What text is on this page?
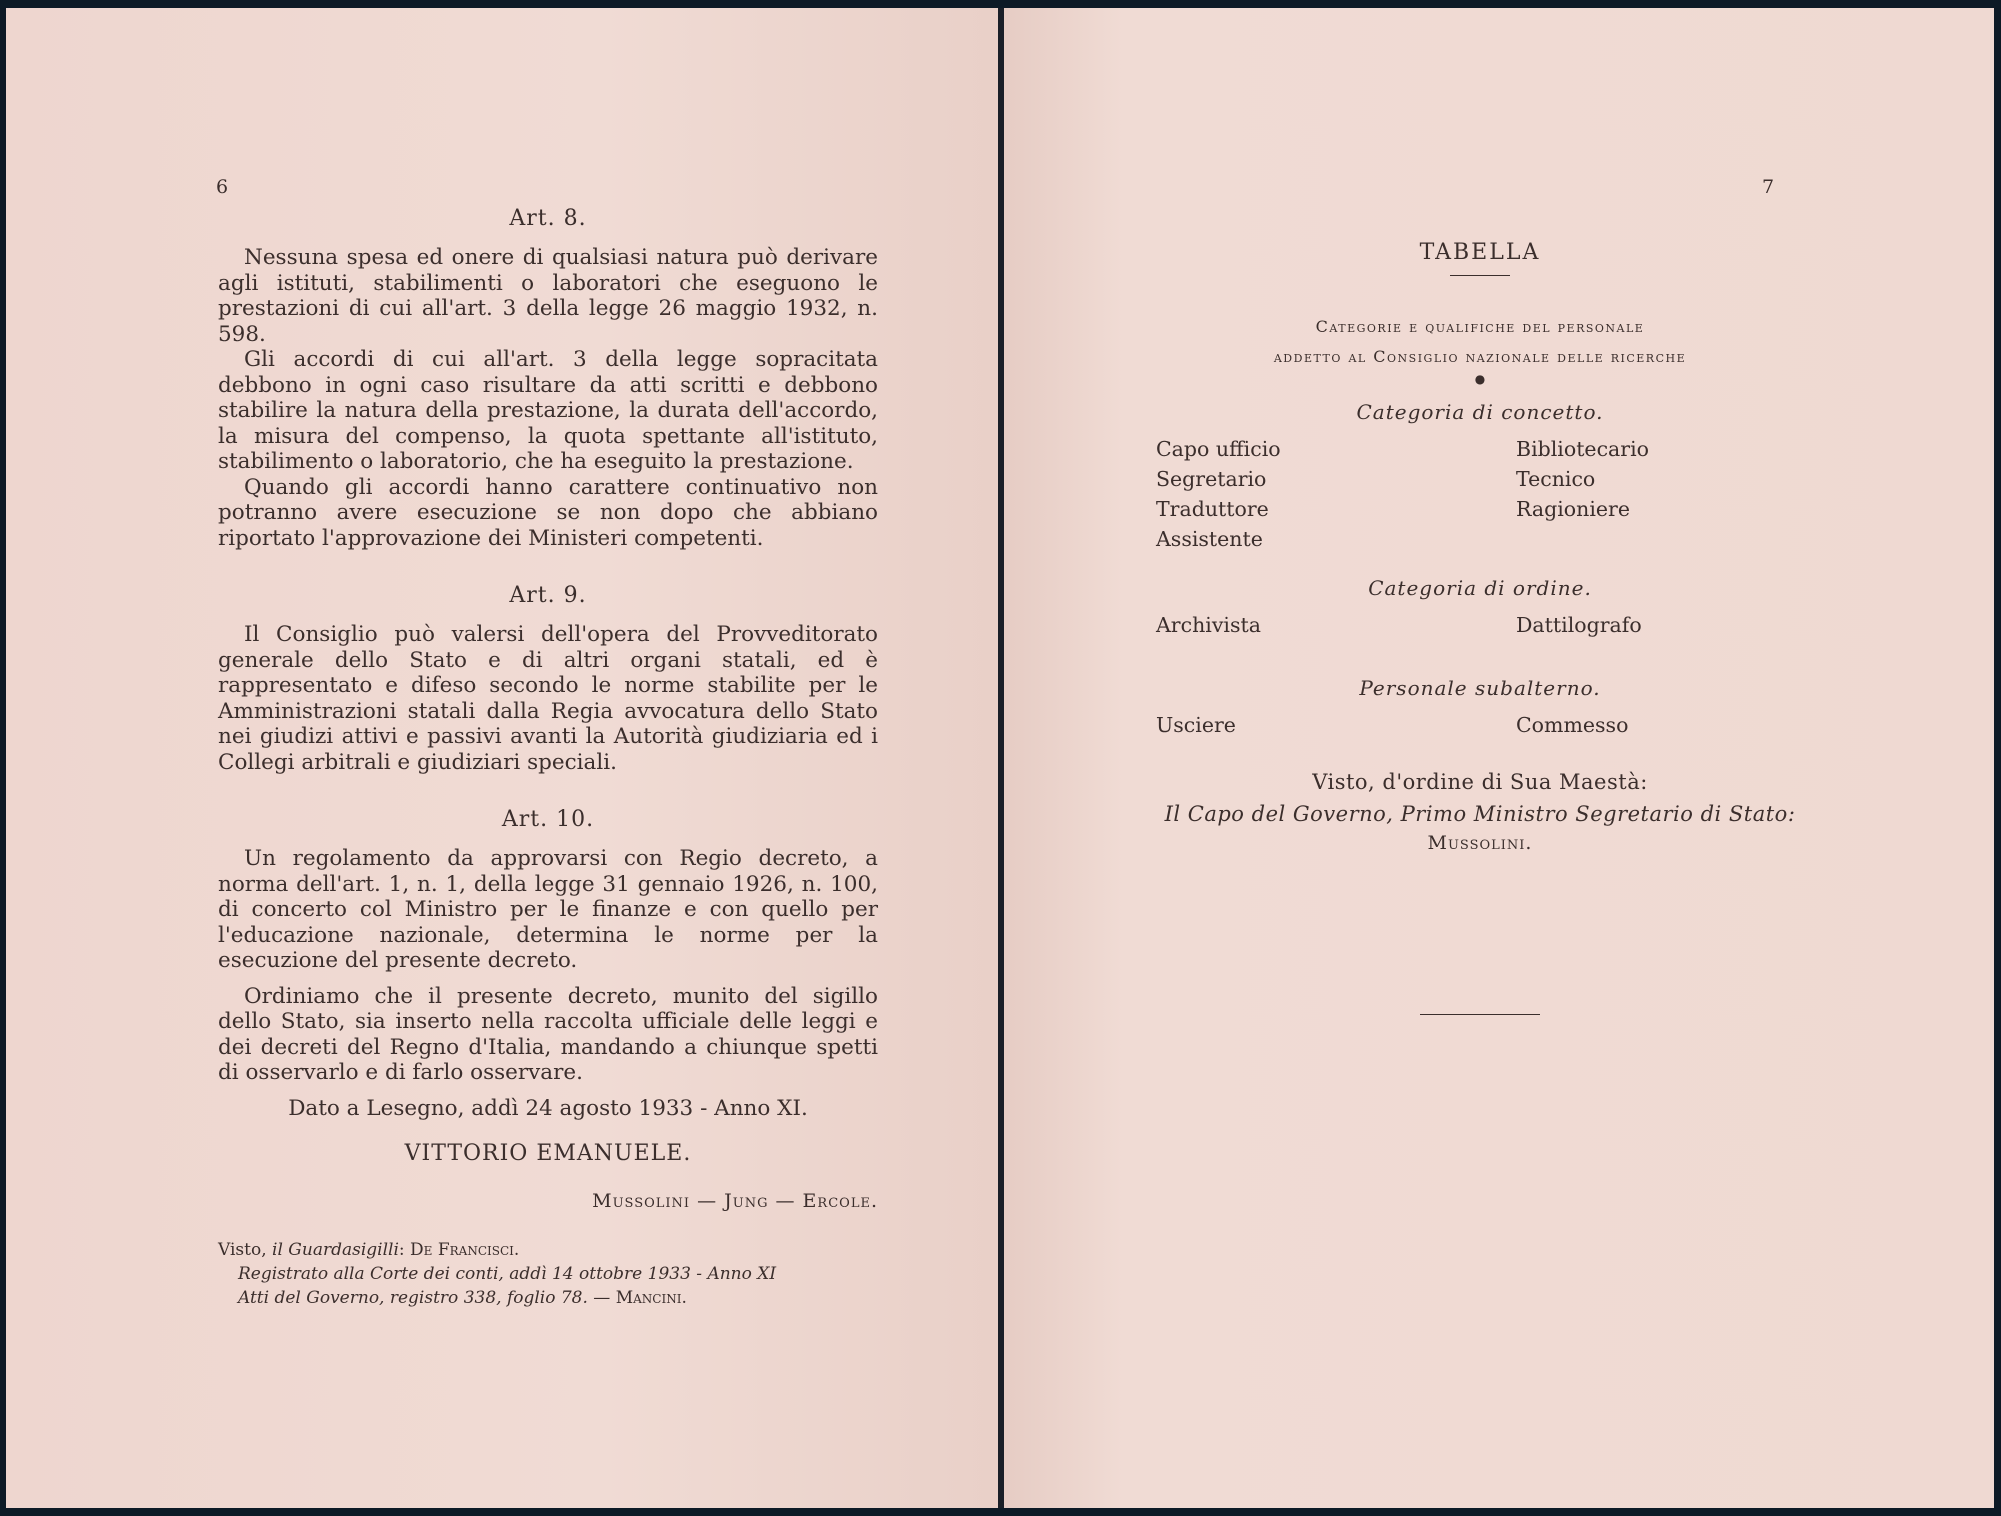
6	7
Art. 8.

Nessuna spesa ed onere di qualsiasi natura può derivare agli istituti, stabilimenti o laboratori che eseguono le prestazioni di cui all'art. 3 della legge 26 maggio 1932, n. 598.

Gli accordi di cui all'art. 3 della legge sopracitata debbono in ogni caso risultare da atti scritti e debbono stabilire la natura della prestazione, la durata dell'accordo, la misura del compenso, la quota spettante all'istituto, stabilimento o laboratorio, che ha eseguito la prestazione.

Quando gli accordi hanno carattere continuativo non potranno avere esecuzione se non dopo che abbiano riportato l'approvazione dei Ministeri competenti.

Art. 9.

Il Consiglio può valersi dell'opera del Provveditorato generale dello Stato e di altri organi statali, ed è rappresentato e difeso secondo le norme stabilite per le Amministrazioni statali dalla Regia avvocatura dello Stato nei giudizi attivi e passivi avanti la Autorità giudiziaria ed i Collegi arbitrali e giudiziari speciali.

Art. 10.

Un regolamento da approvarsi con Regio decreto, a norma dell'art. 1, n. 1, della legge 31 gennaio 1926, n. 100, di concerto col Ministro per le finanze e con quello per l'educazione nazionale, determina le norme per la esecuzione del presente decreto.

Ordiniamo che il presente decreto, munito del sigillo dello Stato, sia inserto nella raccolta ufficiale delle leggi e dei decreti del Regno d'Italia, mandando a chiunque spetti di osservarlo e di farlo osservare.

Dato a Lesegno, addì 24 agosto 1933 - Anno XI.
VITTORIO EMANUELE.
Mussolini — Jung — Ercole.
Visto, il Guardasigilli: De Francisci.
Registrato alla Corte dei conti, addì 14 ottobre 1933 - Anno XI
Atti del Governo, registro 338, foglio 78. — Mancini.
TABELLA
Categorie e qualifiche del personale
addetto al Consiglio nazionale delle ricerche
●
Categoria di concetto.
Capo ufficio	Bibliotecario
Segretario	Tecnico
Traduttore	Ragioniere
Assistente
Categoria di ordine.
Archivista	Dattilografo
Personale subalterno.
Usciere	Commesso
Visto, d'ordine di Sua Maestà:
Il Capo del Governo, Primo Ministro Segretario di Stato:
Mussolini.
